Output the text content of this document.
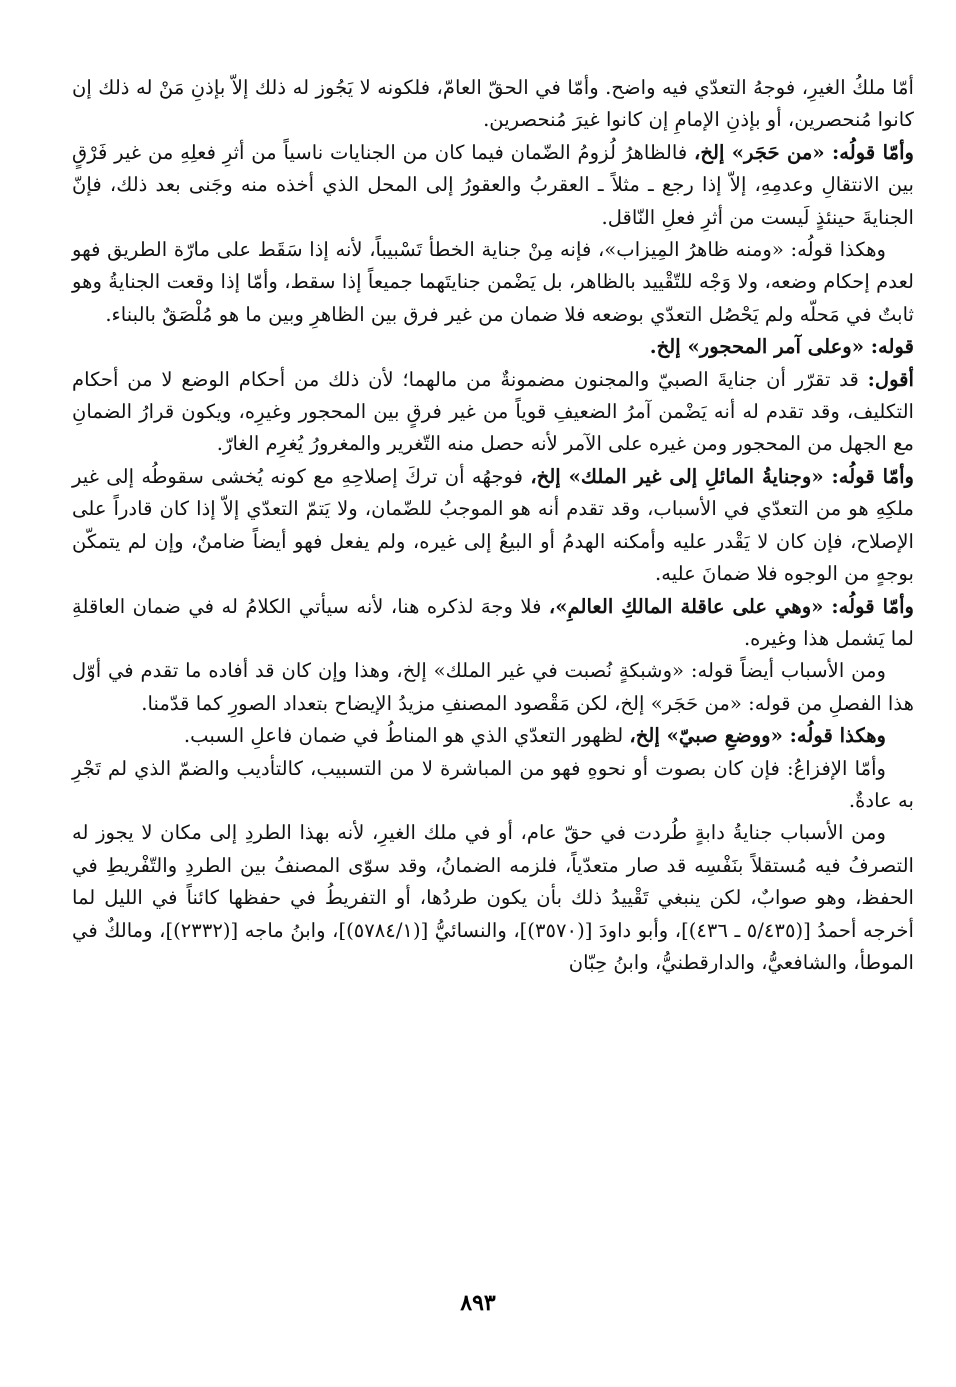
أمّا ملكُ الغيرِ، فوجهُ التعدّي فيه واضح. وأمّا في الحقّ العامّ، فلكونه لا يَجُوز له ذلك إلاّ بإذنِ مَنْ له ذلك إن كانوا مُنحصرين، أو بإذنِ الإمامِ إن كانوا غيرَ مُنحصرين.

وأمّا قولُه: «من حَجَر» إلخ، فالظاهرُ لُزومُ الضّمان فيما كان من الجنايات ناسياً من أثرِ فعلِهِ من غير فَرْقٍ بين الانتقالِ وعدمِهِ، إلاّ إذا رجع ـ مثلاً ـ العقربُ والعقورُ إلى المحل الذي أخذه منه وجَنى بعد ذلك، فإنّ الجنايةَ حينئذٍ لَيست من أثرِ فعلِ النّاقل.

وهكذا قولُه: «ومنه ظاهرُ المِيزاب»، فإنه مِنْ جناية الخطأ تَسْبيباً، لأنه إذا سَقَط على مارّة الطريق فهو لعدم إحكام وضعه، ولا وَجْه للتّقْييد بالظاهر، بل يَضْمن جنايتَهما جميعاً إذا سقط، وأمّا إذا وقعت الجنايةُ وهو ثابتٌ في مَحلّه ولم يَحْصُل التعدّي بوضعه فلا ضمان من غير فرق بين الظاهرِ وبين ما هو مُلْصَقٌ بالبناء.

قوله: «وعلى آمر المحجور» إلخ.

أقول: قد تقرّر أن جنايةَ الصبيّ والمجنون مضمونةٌ من مالهما؛ لأن ذلك من أحكام الوضع لا من أحكام التكليف، وقد تقدم له أنه يَضْمن آمرُ الضعيفِ قوياً من غير فرقٍ بين المحجور وغيرِه، ويكون قرارُ الضمانِ مع الجهل من المحجور ومن غيره على الآمر لأنه حصل منه التّغرير والمغرورُ يُغرِم الغارّ.

وأمّا قولُه: «وجنايةُ المائلِ إلى غير الملك» إلخ، فوجهُه أن تركَ إصلاحِهِ مع كونه يُخشى سقوطُه إلى غير ملكِهِ هو من التعدّي في الأسباب، وقد تقدم أنه هو الموجبُ للضّمان، ولا يَتمّ التعدّي إلاّ إذا كان قادراً على الإصلاح، فإن كان لا يَقْدر عليه وأمكنه الهدمُ أو البيعُ إلى غيره، ولم يفعل فهو أيضاً ضامنٌ، وإن لم يتمكّن بوجهٍ من الوجوه فلا ضمانَ عليه.

وأمّا قولُه: «وهي على عاقلة المالكِ العالمِ»، فلا وجهَ لذكره هنا، لأنه سيأتي الكلامُ له في ضمان العاقلةِ لما يَشمل هذا وغيره.

ومن الأسباب أيضاً قوله: «وشبكةٍ نُصبت في غير الملك» إلخ، وهذا وإن كان قد أفاده ما تقدم في أوّل هذا الفصلِ من قوله: «من حَجَر» إلخ، لكن مَقْصود المصنفِ مزيدُ الإيضاح بتعداد الصورِ كما قدّمنا.

وهكذا قولُه: «ووضعِ صبيّ» إلخ، لظهور التعدّي الذي هو المناطُ في ضمان فاعلِ السبب.

وأمّا الإفزاعُ: فإن كان بصوت أو نحوهِ فهو من المباشرة لا من التسبيب، كالتأديب والضمّ الذي لم تَجْرِ به عادةٌ.

ومن الأسباب جنايةُ دابةٍ طُردت في حقّ عام، أو في ملك الغيرِ، لأنه بهذا الطردِ إلى مكان لا يجوز له التصرفُ فيه مُستقلاً بنَفْسِه قد صار متعدّياً، فلزمه الضمانُ، وقد سوّى المصنفُ بين الطردِ والتّفْريطِ في الحفظ، وهو صوابٌ، لكن ينبغي تَقْييدُ ذلك بأن يكون طردُها، أو التفريطُ في حفظها كائناً في الليل لما أخرجه أحمدُ [(٥/٤٣٥ ـ ٤٣٦)]، وأبو داودَ [(٣٥٧٠)]، والنسائيُّ [(٥٧٨٤/١)]، وابنُ ماجه [(٢٣٣٢)]، ومالكٌ في الموطأ، والشافعيُّ، والدارقطنيُّ، وابنُ حِبّان

٨٩٣
